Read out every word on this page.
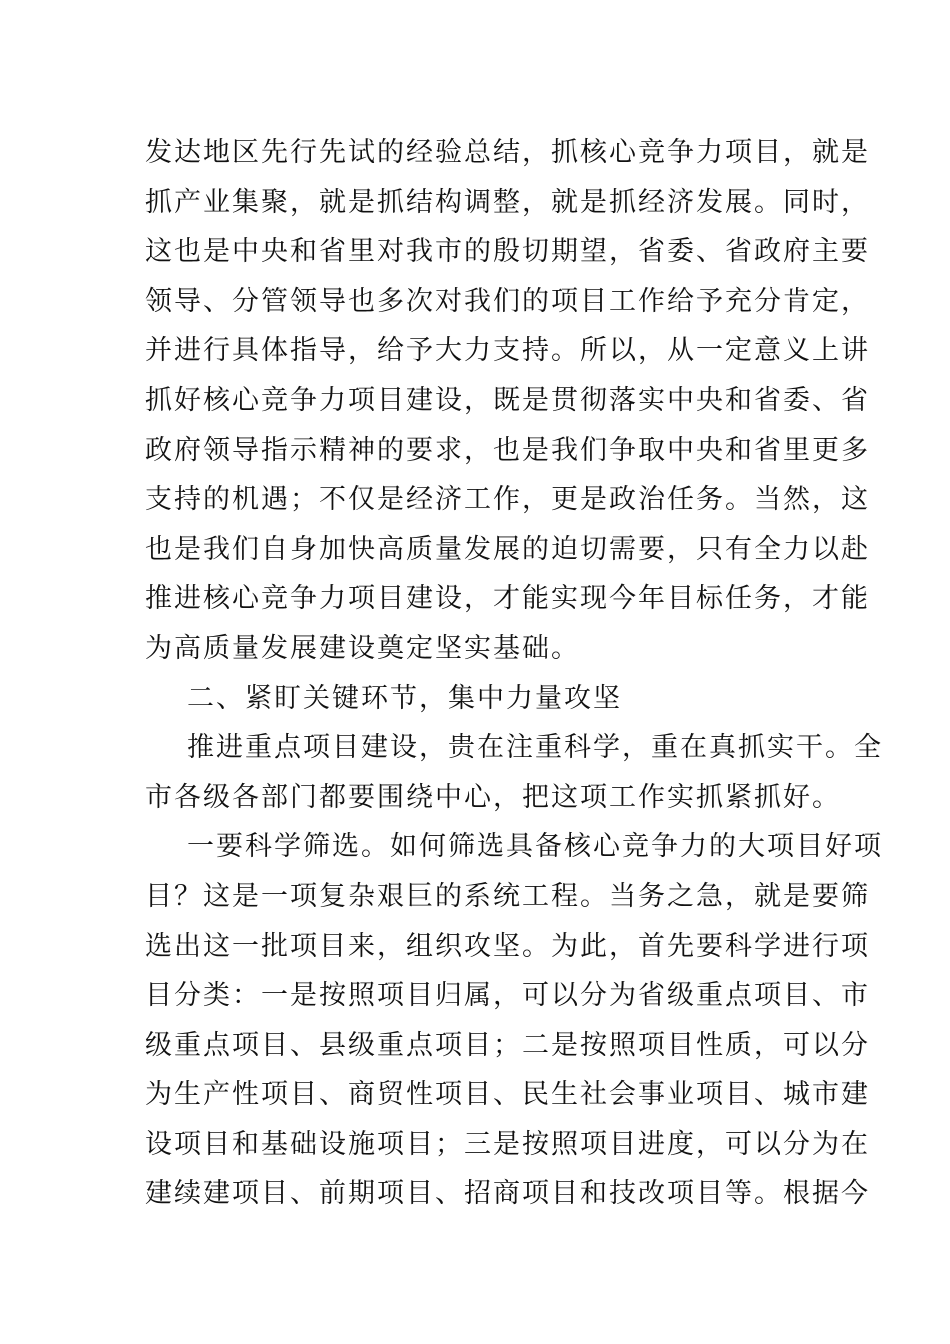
发达地区先行先试的经验总结，抓核心竞争力项目，就是
抓产业集聚，就是抓结构调整，就是抓经济发展。同时，
这也是中央和省里对我市的殷切期望，省委、省政府主要
领导、分管领导也多次对我们的项目工作给予充分肯定，
并进行具体指导，给予大力支持。所以，从一定意义上讲
抓好核心竞争力项目建设，既是贯彻落实中央和省委、省
政府领导指示精神的要求，也是我们争取中央和省里更多
支持的机遇；不仅是经济工作，更是政治任务。当然，这
也是我们自身加快高质量发展的迫切需要，只有全力以赴
推进核心竞争力项目建设，才能实现今年目标任务，才能
为高质量发展建设奠定坚实基础。
二、紧盯关键环节，集中力量攻坚
推进重点项目建设，贵在注重科学，重在真抓实干。全
市各级各部门都要围绕中心，把这项工作实抓紧抓好。
一要科学筛选。如何筛选具备核心竞争力的大项目好项
目？这是一项复杂艰巨的系统工程。当务之急，就是要筛
选出这一批项目来，组织攻坚。为此，首先要科学进行项
目分类：一是按照项目归属，可以分为省级重点项目、市
级重点项目、县级重点项目；二是按照项目性质，可以分
为生产性项目、商贸性项目、民生社会事业项目、城市建
设项目和基础设施项目；三是按照项目进度，可以分为在
建续建项目、前期项目、招商项目和技改项目等。根据今
